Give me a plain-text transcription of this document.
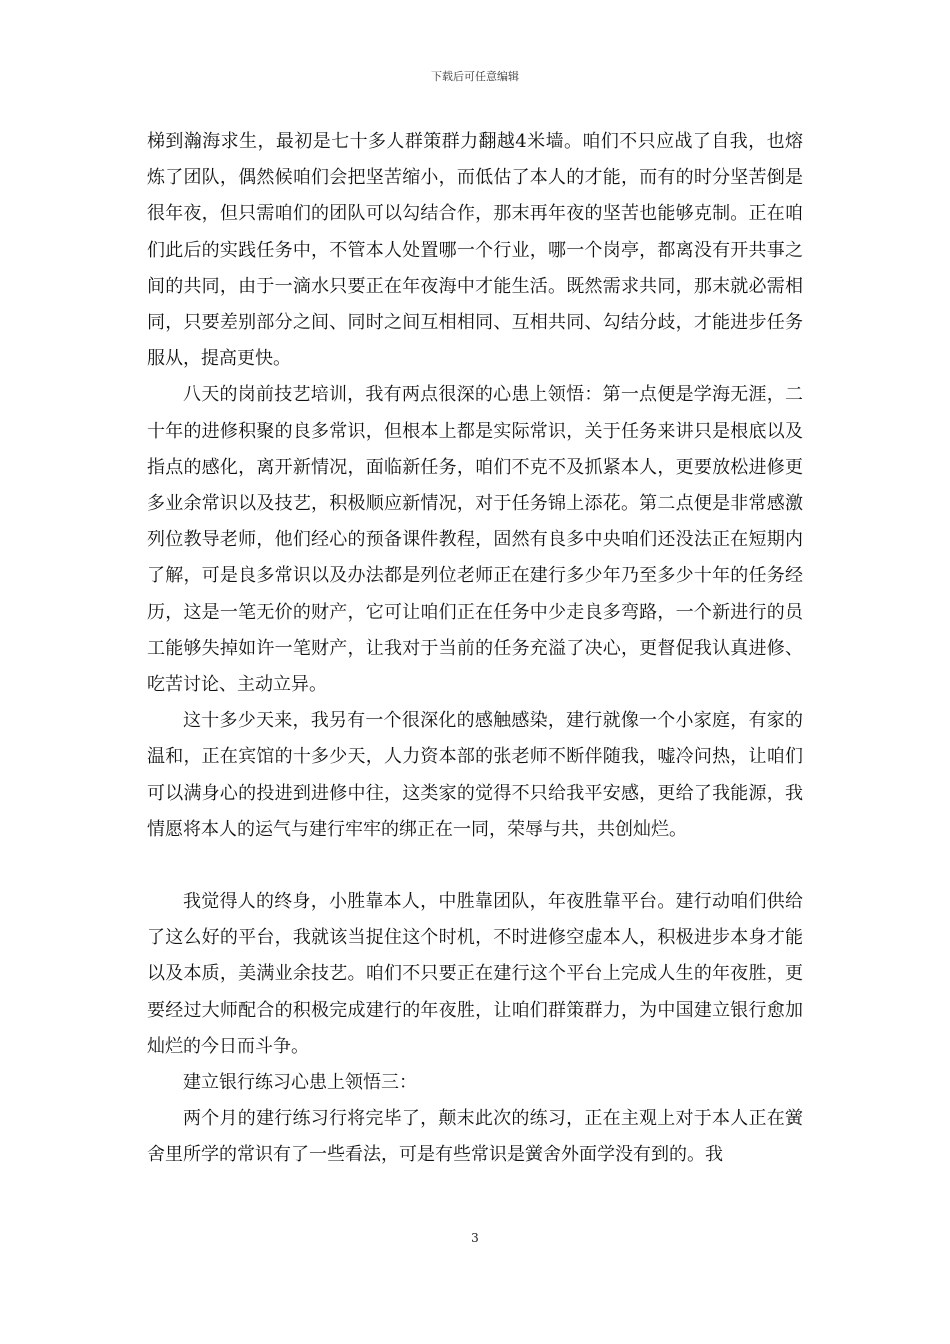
下载后可任意编辑

梯到瀚海求生，最初是七十多人群策群力翻越4米墙。咱们不只应战了自我，也熔炼了团队，偶然候咱们会把坚苦缩小，而低估了本人的才能，而有的时分坚苦倒是很年夜，但只需咱们的团队可以勾结合作，那末再年夜的坚苦也能够克制。正在咱们此后的实践任务中，不管本人处置哪一个行业，哪一个岗亭，都离没有开共事之间的共同，由于一滴水只要正在年夜海中才能生活。既然需求共同，那末就必需相同，只要差别部分之间、同时之间互相相同、互相共同、勾结分歧，才能进步任务服从，提高更快。

八天的岗前技艺培训，我有两点很深的心患上领悟：第一点便是学海无涯，二十年的进修积聚的良多常识，但根本上都是实际常识，关于任务来讲只是根底以及指点的感化，离开新情况，面临新任务，咱们不克不及抓紧本人，更要放松进修更多业余常识以及技艺，积极顺应新情况，对于任务锦上添花。第二点便是非常感激列位教导老师，他们经心的预备课件教程，固然有良多中央咱们还没法正在短期内了解，可是良多常识以及办法都是列位老师正在建行多少年乃至多少十年的任务经历，这是一笔无价的财产，它可让咱们正在任务中少走良多弯路，一个新进行的员工能够失掉如许一笔财产，让我对于当前的任务充溢了决心，更督促我认真进修、吃苦讨论、主动立异。

这十多少天来，我另有一个很深化的感触感染，建行就像一个小家庭，有家的温和，正在宾馆的十多少天，人力资本部的张老师不断伴随我，嘘冷问热，让咱们可以满身心的投进到进修中往，这类家的觉得不只给我平安感，更给了我能源，我情愿将本人的运气与建行牢牢的绑正在一同，荣辱与共，共创灿烂。

我觉得人的终身，小胜靠本人，中胜靠团队，年夜胜靠平台。建行动咱们供给了这么好的平台，我就该当捉住这个时机，不时进修空虚本人，积极进步本身才能以及本质，美满业余技艺。咱们不只要正在建行这个平台上完成人生的年夜胜，更要经过大师配合的积极完成建行的年夜胜，让咱们群策群力，为中国建立银行愈加灿烂的今日而斗争。

建立银行练习心患上领悟三：

两个月的建行练习行将完毕了，颠末此次的练习，正在主观上对于本人正在黉舍里所学的常识有了一些看法，可是有些常识是黉舍外面学没有到的。我

3
